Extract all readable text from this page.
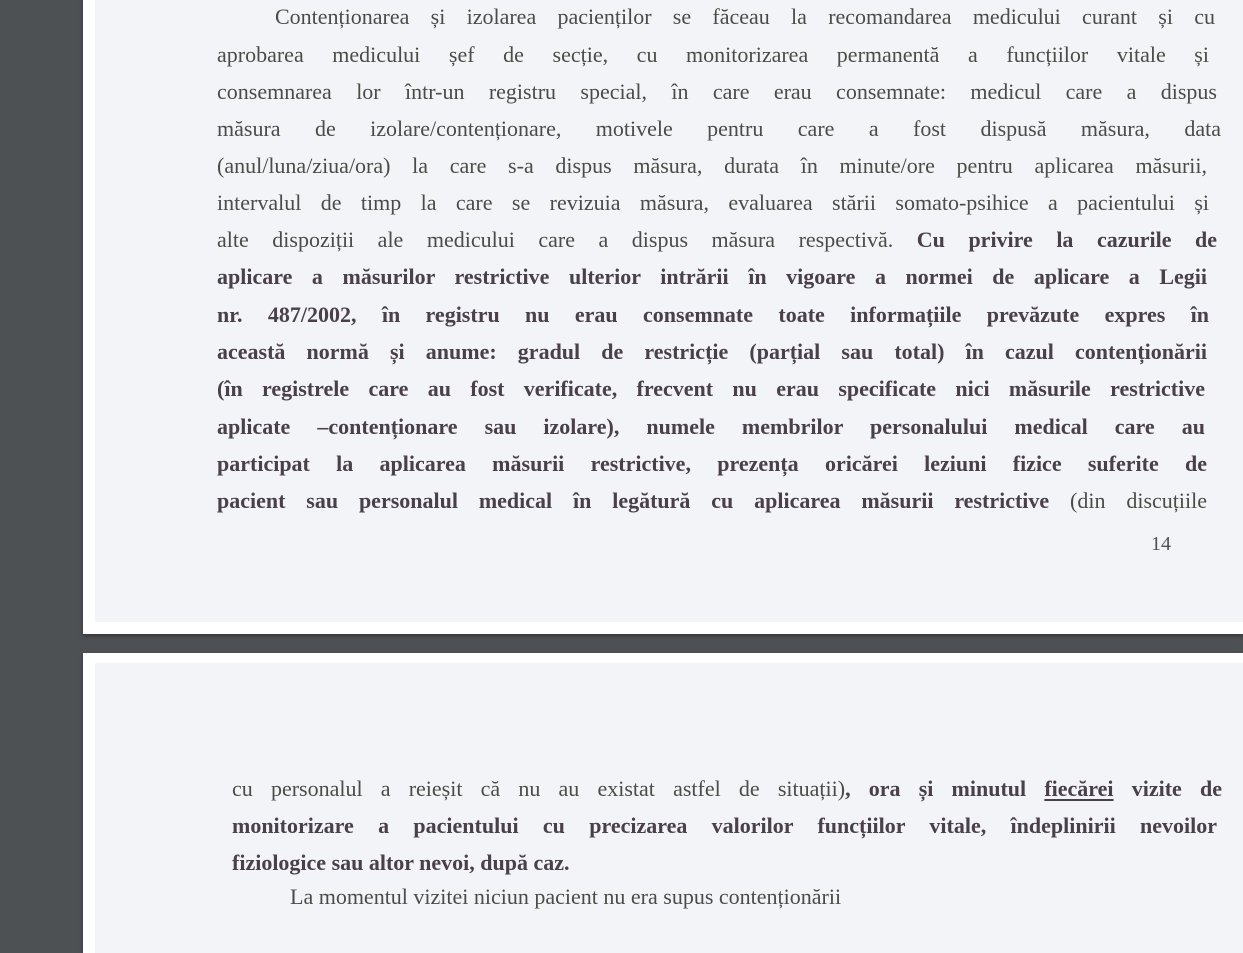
Contenționarea și izolarea pacienților se făceau la recomandarea medicului curant și cu
aprobarea medicului șef de secție, cu monitorizarea permanentă a funcțiilor vitale și
consemnarea lor într-un registru special, în care erau consemnate: medicul care a dispus
măsura de izolare/contenționare, motivele pentru care a fost dispusă măsura, data
(anul/luna/ziua/ora) la care s-a dispus măsura, durata în minute/ore pentru aplicarea măsurii,
intervalul de timp la care se revizuia măsura, evaluarea stării somato-psihice a pacientului și
alte dispoziții ale medicului care a dispus măsura respectivă. Cu privire la cazurile de
aplicare a măsurilor restrictive ulterior intrării în vigoare a normei de aplicare a Legii
nr. 487/2002, în registru nu erau consemnate toate informațiile prevăzute expres în
această normă și anume: gradul de restricție (parțial sau total) în cazul contenționării
(în registrele care au fost verificate, frecvent nu erau specificate nici măsurile restrictive
aplicate –contenționare sau izolare), numele membrilor personalului medical care au
participat la aplicarea măsurii restrictive, prezența oricărei leziuni fizice suferite de
pacient sau personalul medical în legătură cu aplicarea măsurii restrictive (din discuțiile
14
cu personalul a reieșit că nu au existat astfel de situații), ora și minutul fiecărei vizite de
monitorizare a pacientului cu precizarea valorilor funcțiilor vitale, îndeplinirii nevoilor
fiziologice sau altor nevoi, după caz.
La momentul vizitei niciun pacient nu era supus contenționării
